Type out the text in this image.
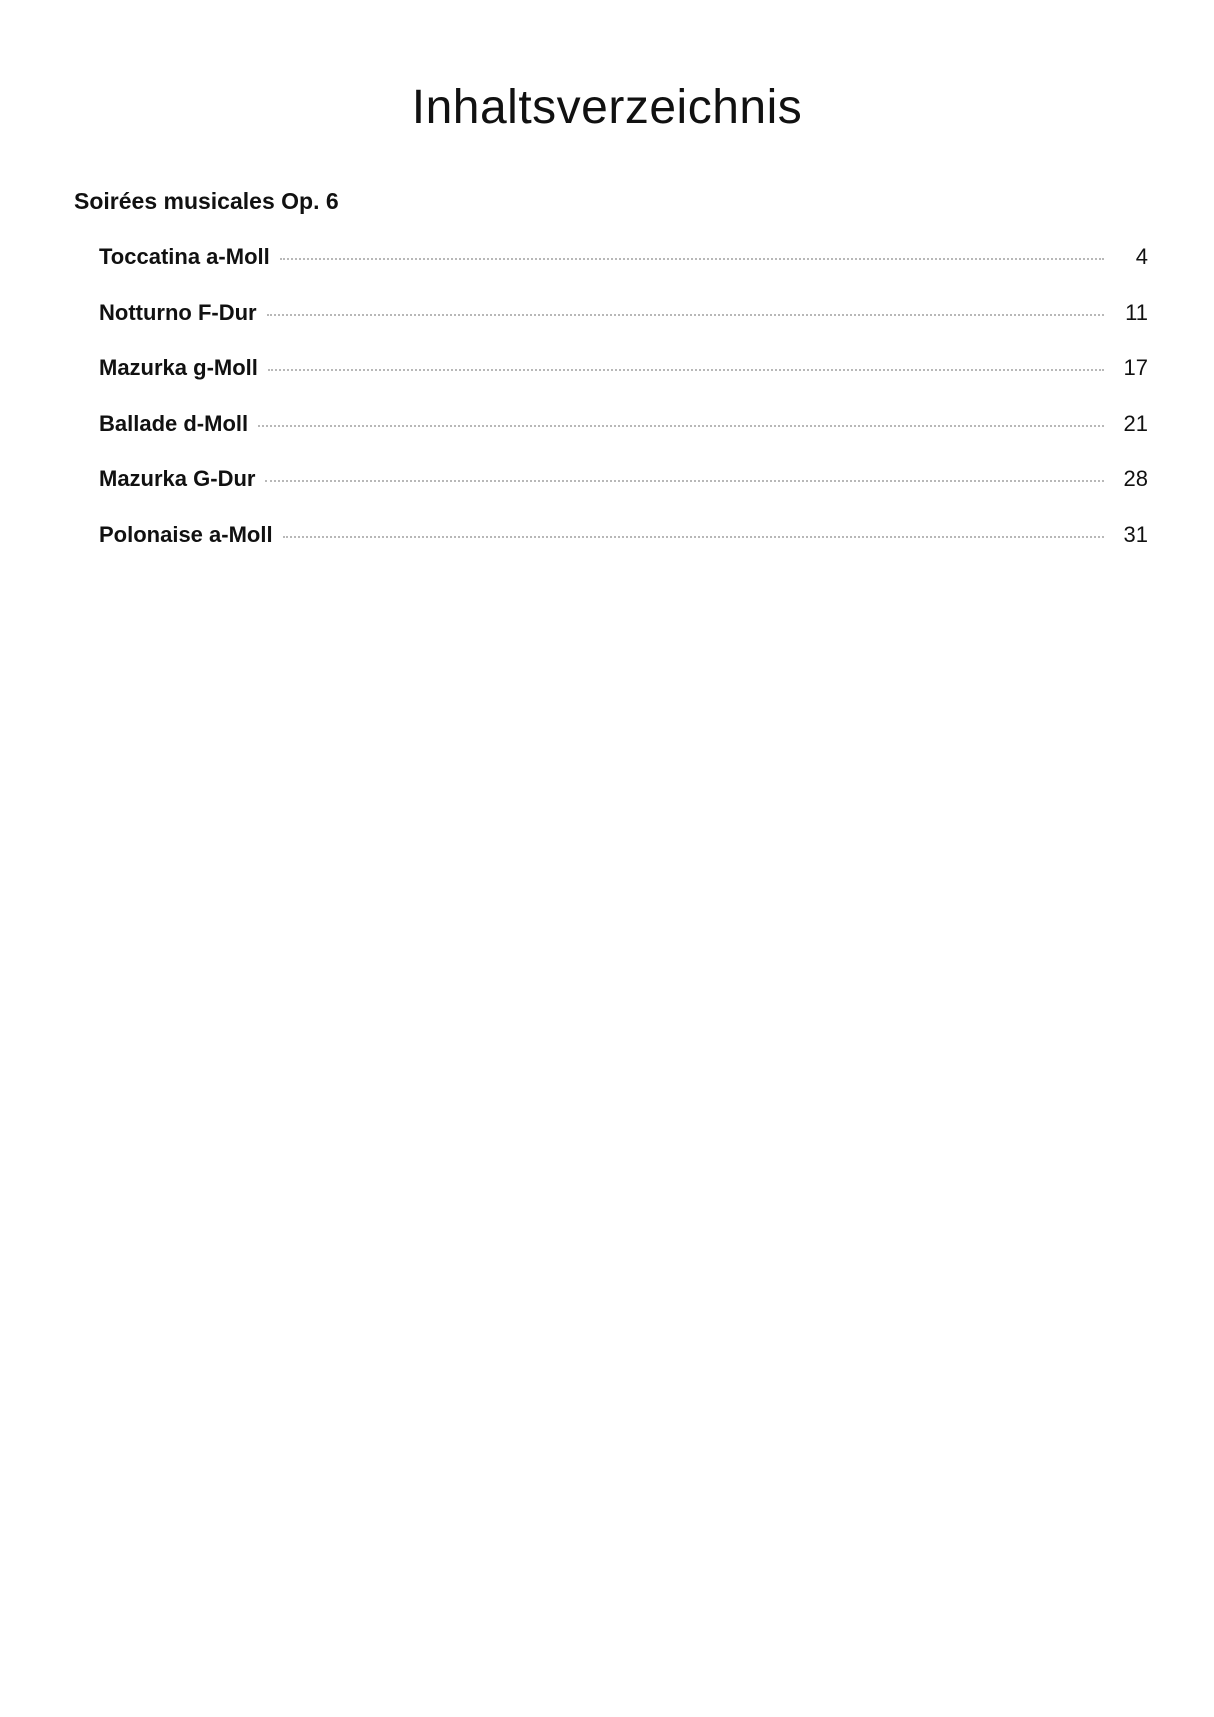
Inhaltsverzeichnis
Soirées musicales Op. 6
Toccatina a-Moll	4
Notturno F-Dur	11
Mazurka g-Moll	17
Ballade d-Moll	21
Mazurka G-Dur	28
Polonaise a-Moll	31
